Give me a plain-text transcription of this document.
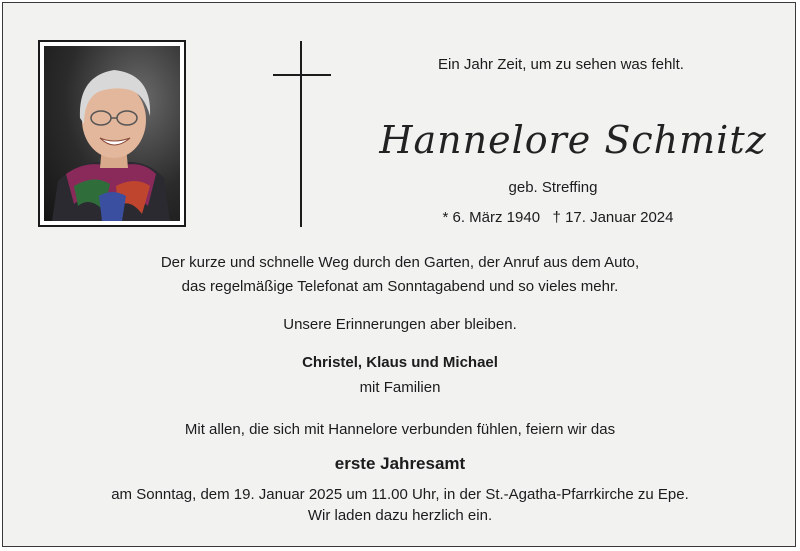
Ein Jahr Zeit, um zu sehen was fehlt.
Hannelore Schmitz
geb. Streffing
* 6. März 1940   † 17. Januar 2024
Der kurze und schnelle Weg durch den Garten, der Anruf aus dem Auto,
das regelmäßige Telefonat am Sonntagabend und so vieles mehr.
Unsere Erinnerungen aber bleiben.
Christel, Klaus und Michael
mit Familien
Mit allen, die sich mit Hannelore verbunden fühlen, feiern wir das
erste Jahresamt
am Sonntag, dem 19. Januar 2025 um 11.00 Uhr, in der St.-Agatha-Pfarrkirche zu Epe.
Wir laden dazu herzlich ein.
